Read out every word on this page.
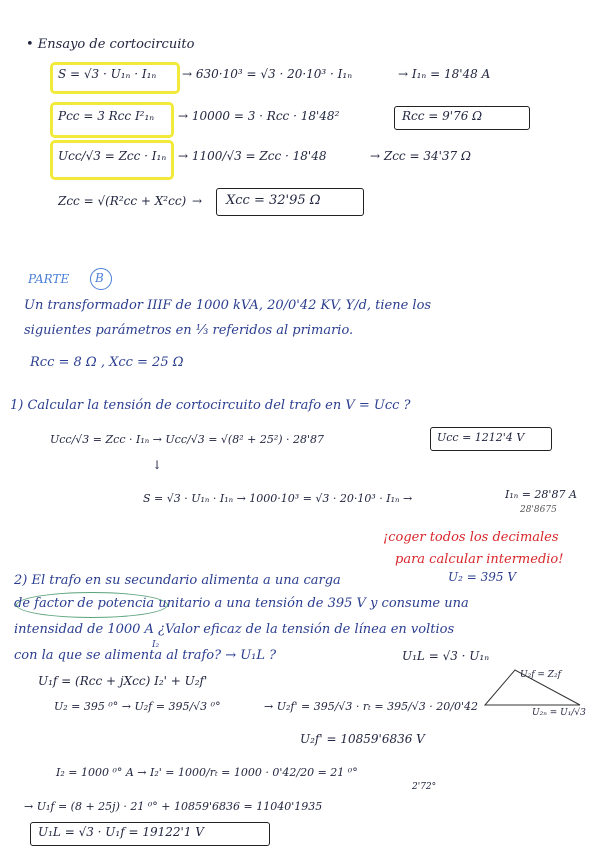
• Ensayo de cortocircuito
S = √3 · U₁ₙ · I₁ₙ → 630·10³ = √3 · 20·10³ · I₁ₙ	→ I₁ₙ = 18'48 A
Pcc = 3 Rcc I²₁ₙ → 10000 = 3 · Rcc · 18'48²	Rcc = 9'76 Ω
Ucc/√3 = Zcc · I₁ₙ → 1100/√3 = Zcc · 18'48	→ Zcc = 34'37 Ω
Zcc = √(R²cc + X²cc) → Xcc = 32'95 Ω
PARTE B
Un transformador ΙΙΙF de 1000 kVA, 20/0'42 KV, Y/d, tiene los
siguientes parámetros en ⅓ referidos al primario.
Rcc = 8 Ω , Xcc = 25 Ω
1) Calcular la tensión de cortocircuito del trafo en V = Ucc ?
Ucc/√3 = Zcc · I₁ₙ → Ucc/√3 = √(8² + 25²) · 28'87	Ucc = 1212'4 V
↓
S = √3 · U₁ₙ · I₁ₙ → 1000·10³ = √3 · 20·10³ · I₁ₙ →	I₁ₙ = 28'87 A
28'8675
¡coger todos los decimales
para calcular intermedio!
2) El trafo en su secundario alimenta a una carga	U₂ = 395 V
de factor de potencia unitario a una tensión de 395 V y consume una
intensidad de 1000 A ¿Valor eficaz de la tensión de línea en voltios
I₂
con la que se alimenta al trafo? → U₁L ?	U₁L = √3 · U₁ₙ
U₁f = (Rcc + jXcc) I₂' + U₂f'	U₂f = Z₂f
U₂ₙ = U₁/√3
U₂ = 395 ⁰° → U₂f = 395/√3 ⁰°	→ U₂f' = 395/√3 · rₜ = 395/√3 · 20/0'42
U₂f' = 10859'6836 V
I₂ = 1000 ⁰° A → I₂' = 1000/rₜ = 1000 · 0'42/20 = 21 ⁰°
→ U₁f = (8 + 25j) · 21 ⁰° + 10859'6836 = 11040'1935
2'72°
U₁L = √3 · U₁f = 19122'1 V
